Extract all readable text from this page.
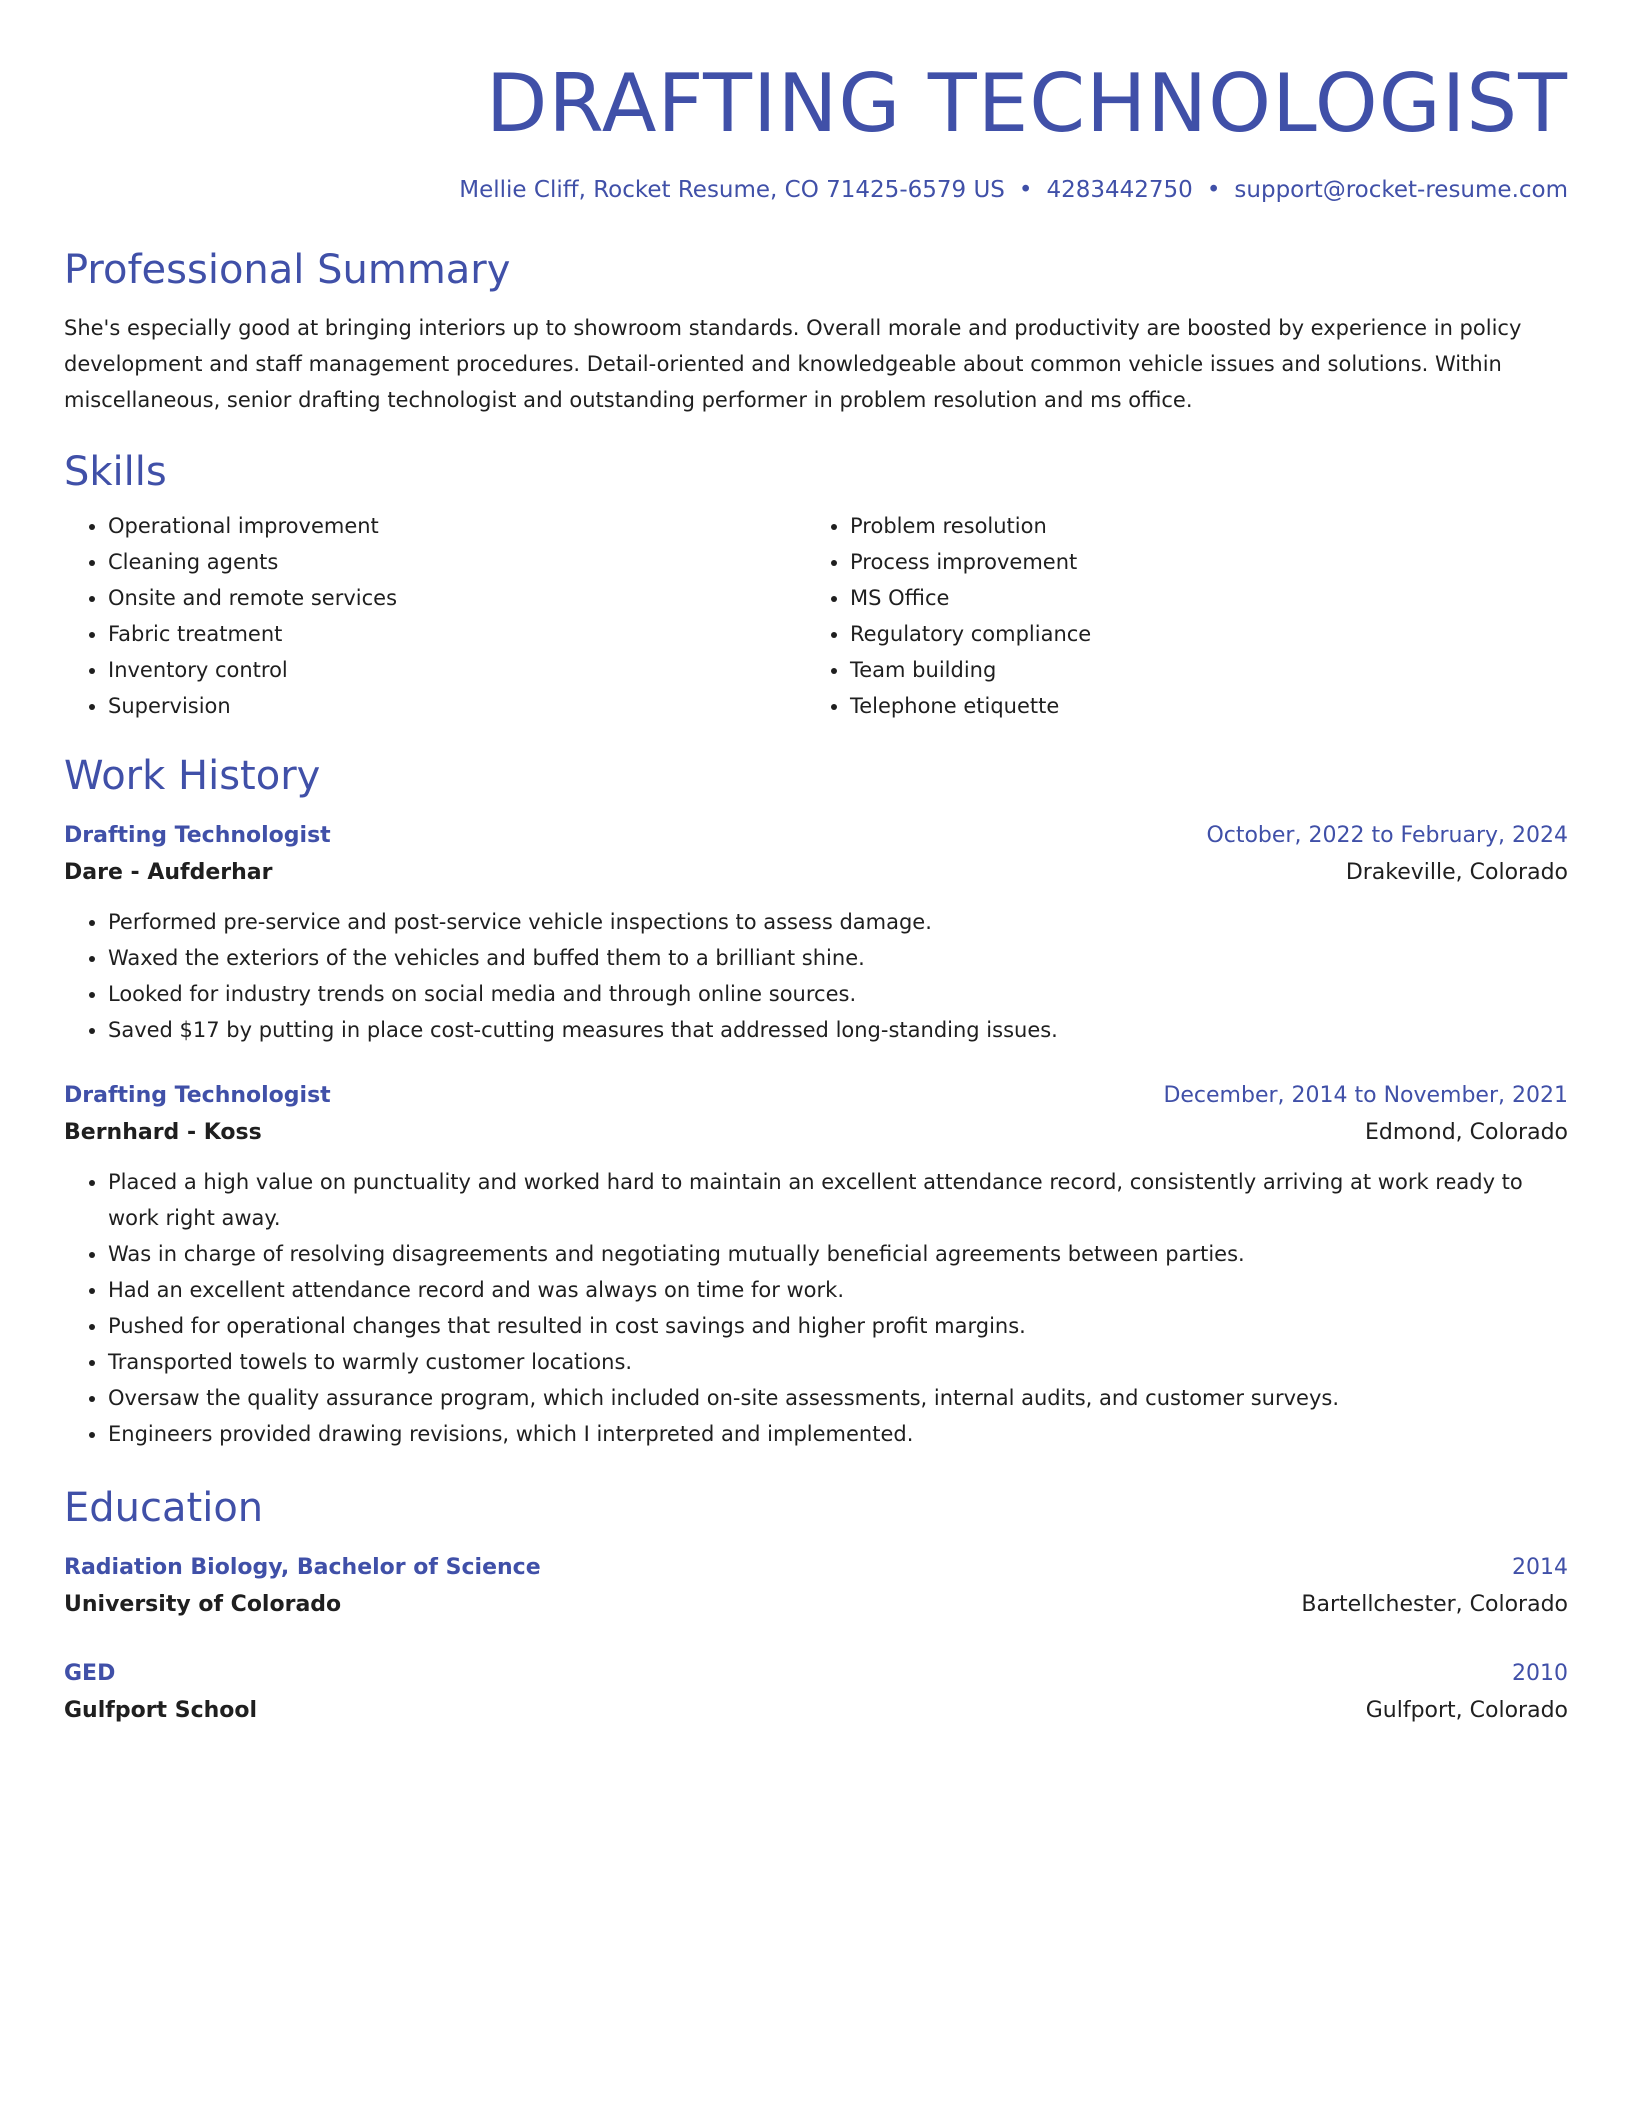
DRAFTING TECHNOLOGIST
Mellie Cliff, Rocket Resume, CO 71425-6579 US • 4283442750 • support@rocket-resume.com
Professional Summary
She's especially good at bringing interiors up to showroom standards. Overall morale and productivity are boosted by experience in policy development and staff management procedures. Detail-oriented and knowledgeable about common vehicle issues and solutions. Within miscellaneous, senior drafting technologist and outstanding performer in problem resolution and ms office.
Skills
• Operational improvement
• Cleaning agents
• Onsite and remote services
• Fabric treatment
• Inventory control
• Supervision
• Problem resolution
• Process improvement
• MS Office
• Regulatory compliance
• Team building
• Telephone etiquette
Work History
Drafting Technologist	October, 2022 to February, 2024
Dare - Aufderhar	Drakeville, Colorado
• Performed pre-service and post-service vehicle inspections to assess damage.
• Waxed the exteriors of the vehicles and buffed them to a brilliant shine.
• Looked for industry trends on social media and through online sources.
• Saved $17 by putting in place cost-cutting measures that addressed long-standing issues.
Drafting Technologist	December, 2014 to November, 2021
Bernhard - Koss	Edmond, Colorado
• Placed a high value on punctuality and worked hard to maintain an excellent attendance record, consistently arriving at work ready to work right away.
• Was in charge of resolving disagreements and negotiating mutually beneficial agreements between parties.
• Had an excellent attendance record and was always on time for work.
• Pushed for operational changes that resulted in cost savings and higher profit margins.
• Transported towels to warmly customer locations.
• Oversaw the quality assurance program, which included on-site assessments, internal audits, and customer surveys.
• Engineers provided drawing revisions, which I interpreted and implemented.
Education
Radiation Biology, Bachelor of Science	2014
University of Colorado	Bartellchester, Colorado
GED	2010
Gulfport School	Gulfport, Colorado
